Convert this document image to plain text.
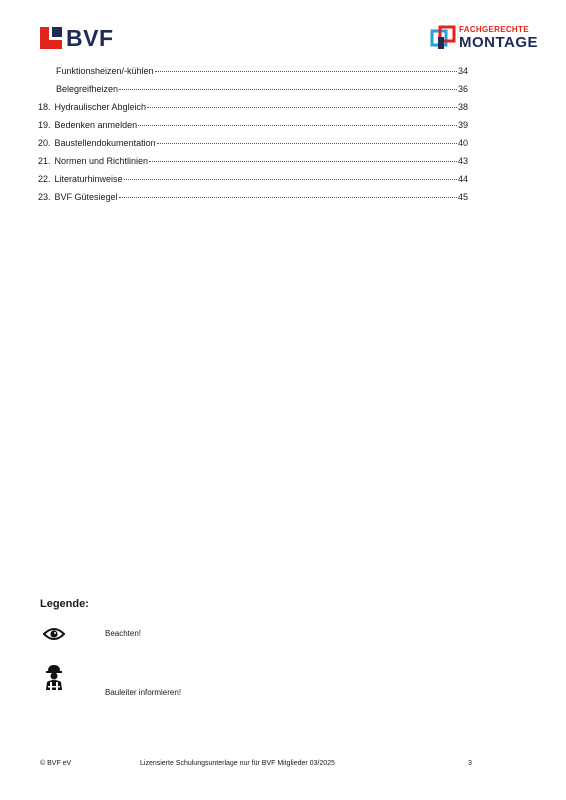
BVF	FACHGERECHTE
MONTAGE
Funktionsheizen/-kühlen	34
Belegreifheizen	36
18. Hydraulischer Abgleich	38
19. Bedenken anmelden	39
20. Baustellendokumentation	40
21. Normen und Richtlinien	43
22. Literaturhinweise	44
23. BVF Gütesiegel	45
Legende:
Beachten!
Bauleiter informieren!
© BVF eV	Lizensierte Schulungsunterlage nur für BVF Mitglieder 03/2025	3
